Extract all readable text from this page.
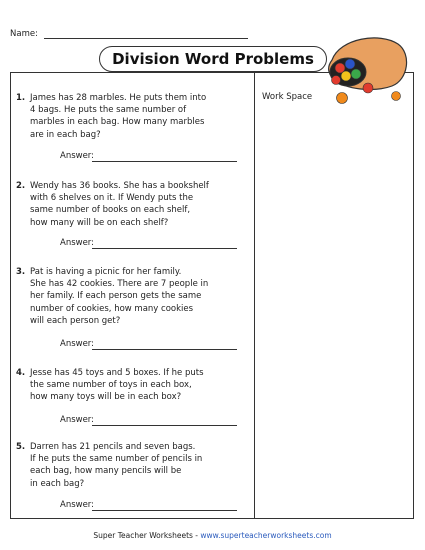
Name:
Division Word Problems
Work Space
1. James has 28 marbles. He puts them into
4 bags. He puts the same number of
marbles in each bag. How many marbles
are in each bag?
Answer:
2. Wendy has 36 books. She has a bookshelf
with 6 shelves on it. If Wendy puts the
same number of books on each shelf,
how many will be on each shelf?
Answer:
3. Pat is having a picnic for her family.
She has 42 cookies. There are 7 people in
her family. If each person gets the same
number of cookies, how many cookies
will each person get?
Answer:
4. Jesse has 45 toys and 5 boxes. If he puts
the same number of toys in each box,
how many toys will be in each box?
Answer:
5. Darren has 21 pencils and seven bags.
If he puts the same number of pencils in
each bag, how many pencils will be
in each bag?
Answer:
Super Teacher Worksheets - www.superteacherworksheets.com
